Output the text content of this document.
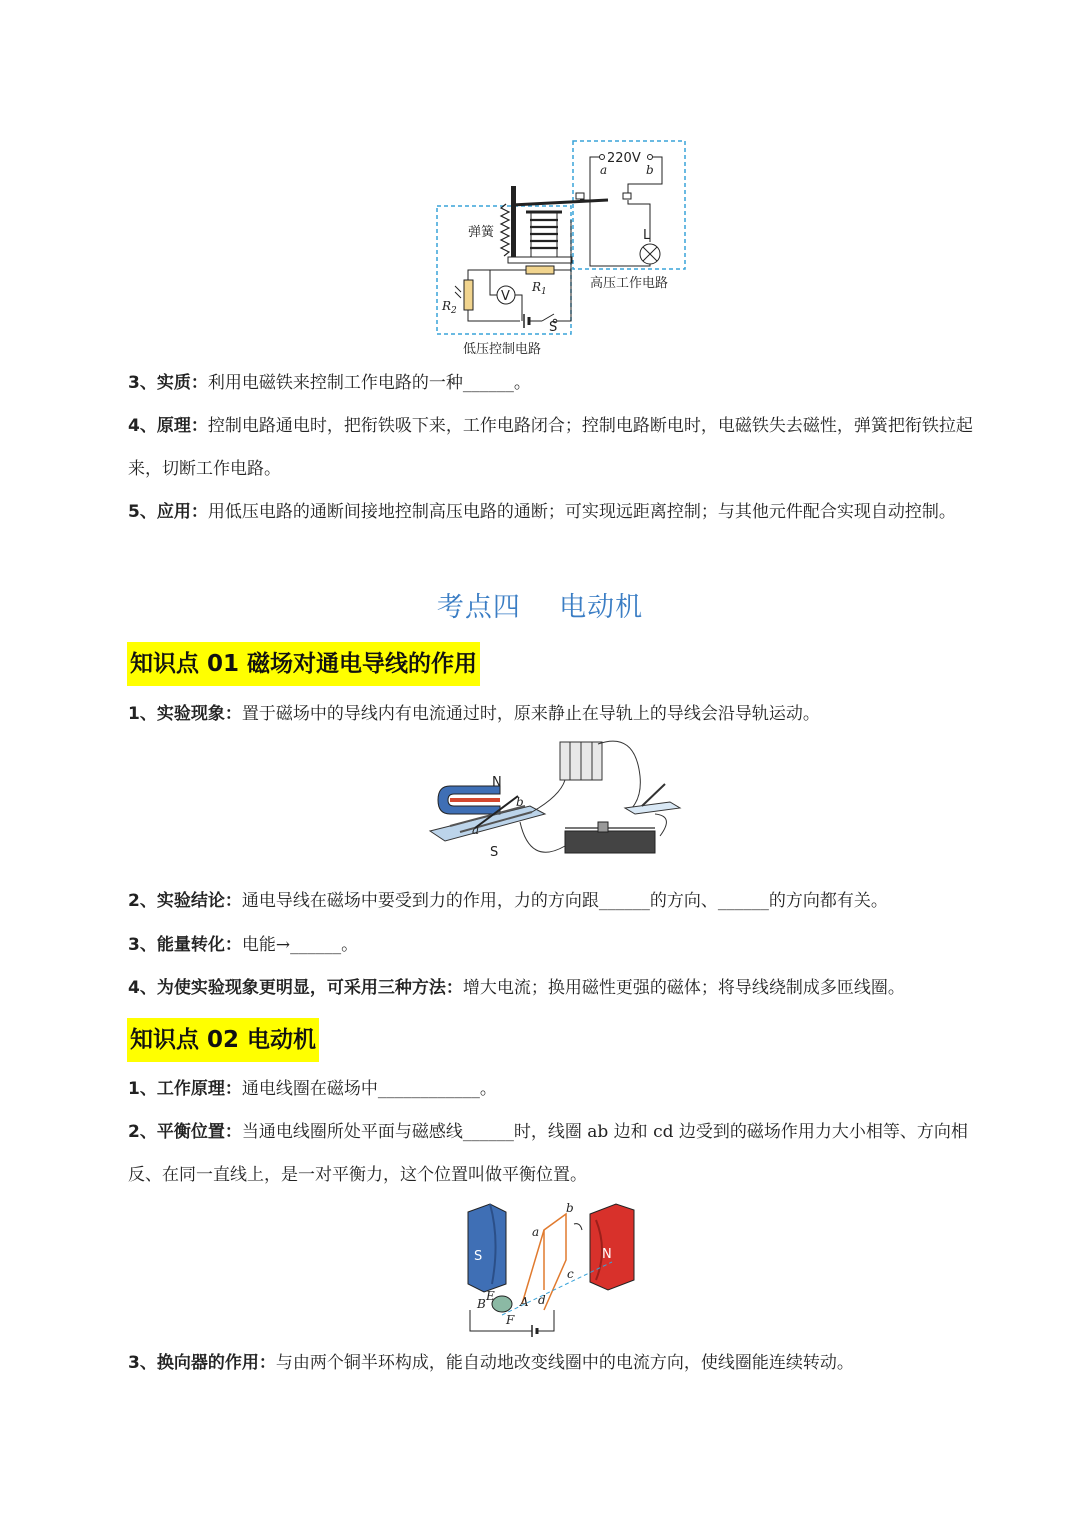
220V
a	b
L
弹簧
$R_1$
$R_2$
V
S
高压工作电路
低压控制电路

3、实质：利用电磁铁来控制工作电路的一种______。

4、原理：控制电路通电时，把衔铁吸下来，工作电路闭合；控制电路断电时，电磁铁失去磁性，弹簧把衔铁拉起来，切断工作电路。

5、应用：用低压电路的通断间接地控制高压电路的通断；可实现远距离控制；与其他元件配合实现自动控制。

考点四    电动机
知识点 01 磁场对通电导线的作用

1、实验现象：置于磁场中的导线内有电流通过时，原来静止在导轨上的导线会沿导轨运动。

N
S
a
b

2、实验结论：通电导线在磁场中要受到力的作用，力的方向跟______的方向、______的方向都有关。

3、能量转化：电能→______。

4、为使实验现象更明显，可采用三种方法：增大电流；换用磁性更强的磁体；将导线绕制成多匝线圈。

知识点 02 电动机

1、工作原理：通电线圈在磁场中____________。

2、平衡位置：当通电线圈所处平面与磁感线______时，线圈 ab 边和 cd 边受到的磁场作用力大小相等、方向相反、在同一直线上，是一对平衡力，这个位置叫做平衡位置。

S	N
a
b
c
d
B	A
E
F

3、换向器的作用：与由两个铜半环构成，能自动地改变线圈中的电流方向，使线圈能连续转动。
